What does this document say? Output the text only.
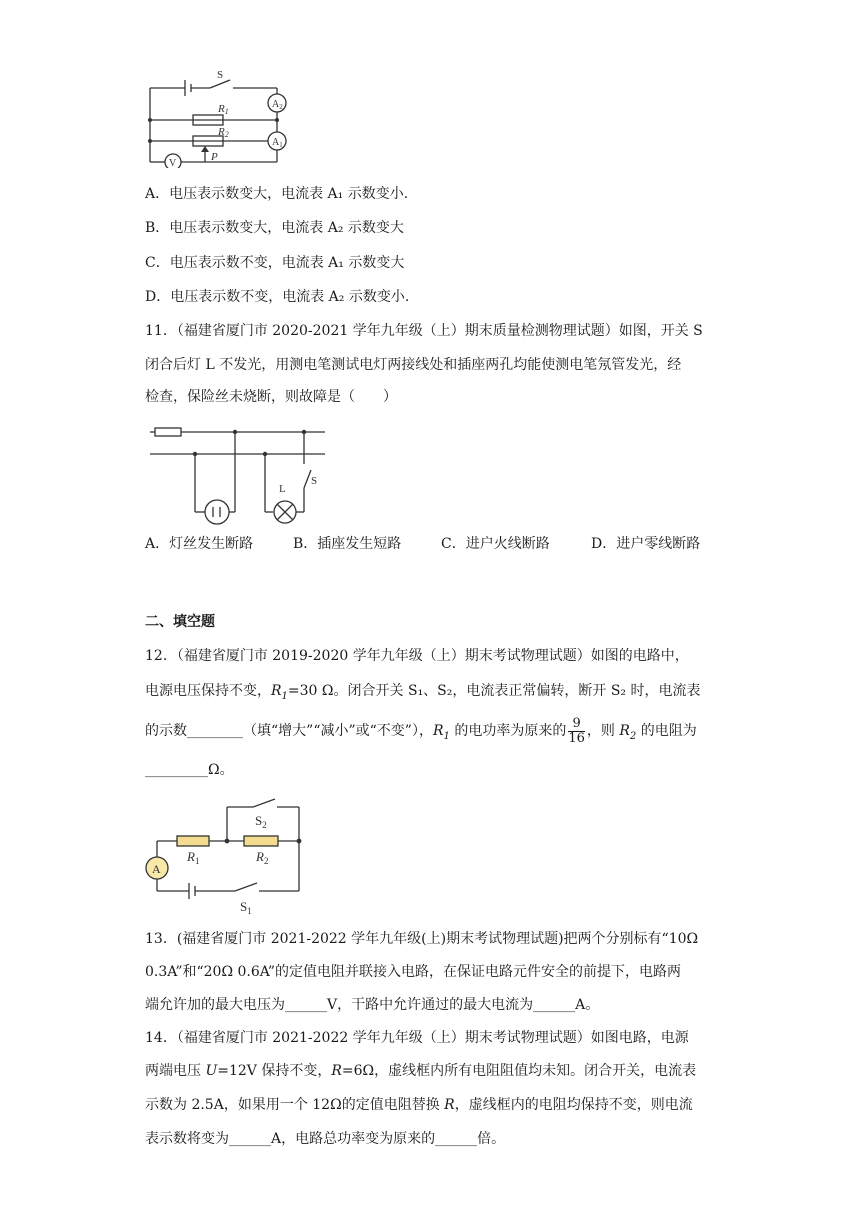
S
R1
R2
$A_2$
$A_1$
V
P
A．电压表示数变大，电流表 A₁ 示数变小.
B．电压表示数变大，电流表 A₂ 示数变大
C．电压表示数不变，电流表 A₁ 示数变大
D．电压表示数不变，电流表 A₂ 示数变小.
11．（福建省厦门市 2020-2021 学年九年级（上）期末质量检测物理试题）如图，开关 S
闭合后灯 L 不发光，用测电笔测试电灯两接线处和插座两孔均能使测电笔氖管发光，经
检查，保险丝未烧断，则故障是（　　）
L
S
A．灯丝发生断路	B．插座发生短路	C．进户火线断路	D．进户零线断路
二、填空题
12．（福建省厦门市 2019-2020 学年九年级（上）期末考试物理试题）如图的电路中，
电源电压保持不变，$R_1=30$ Ω。闭合开关 S₁、S₂，电流表正常偏转，断开 S₂ 时，电流表
的示数________（填“增大”“减小”或“不变”），$R_1$ 的电功率为原来的 $\frac{9}{16}$ ，则 $R_2$ 的电阻为
_________Ω。
$S_2$
$R_1$	$R_2$
A
$S_1$
13．(福建省厦门市 2021-2022 学年九年级(上)期末考试物理试题)把两个分别标有“10Ω
0.3A”和“20Ω 0.6A”的定值电阻并联接入电路，在保证电路元件安全的前提下，电路两
端允许加的最大电压为______V，干路中允许通过的最大电流为______A。
14．（福建省厦门市 2021-2022 学年九年级（上）期末考试物理试题）如图电路，电源
两端电压 U=12V 保持不变，R=6Ω，虚线框内所有电阻阻值均未知。闭合开关，电流表
示数为 2.5A，如果用一个 12Ω的定值电阻替换 R，虚线框内的电阻均保持不变，则电流
表示数将变为______A，电路总功率变为原来的______倍。
